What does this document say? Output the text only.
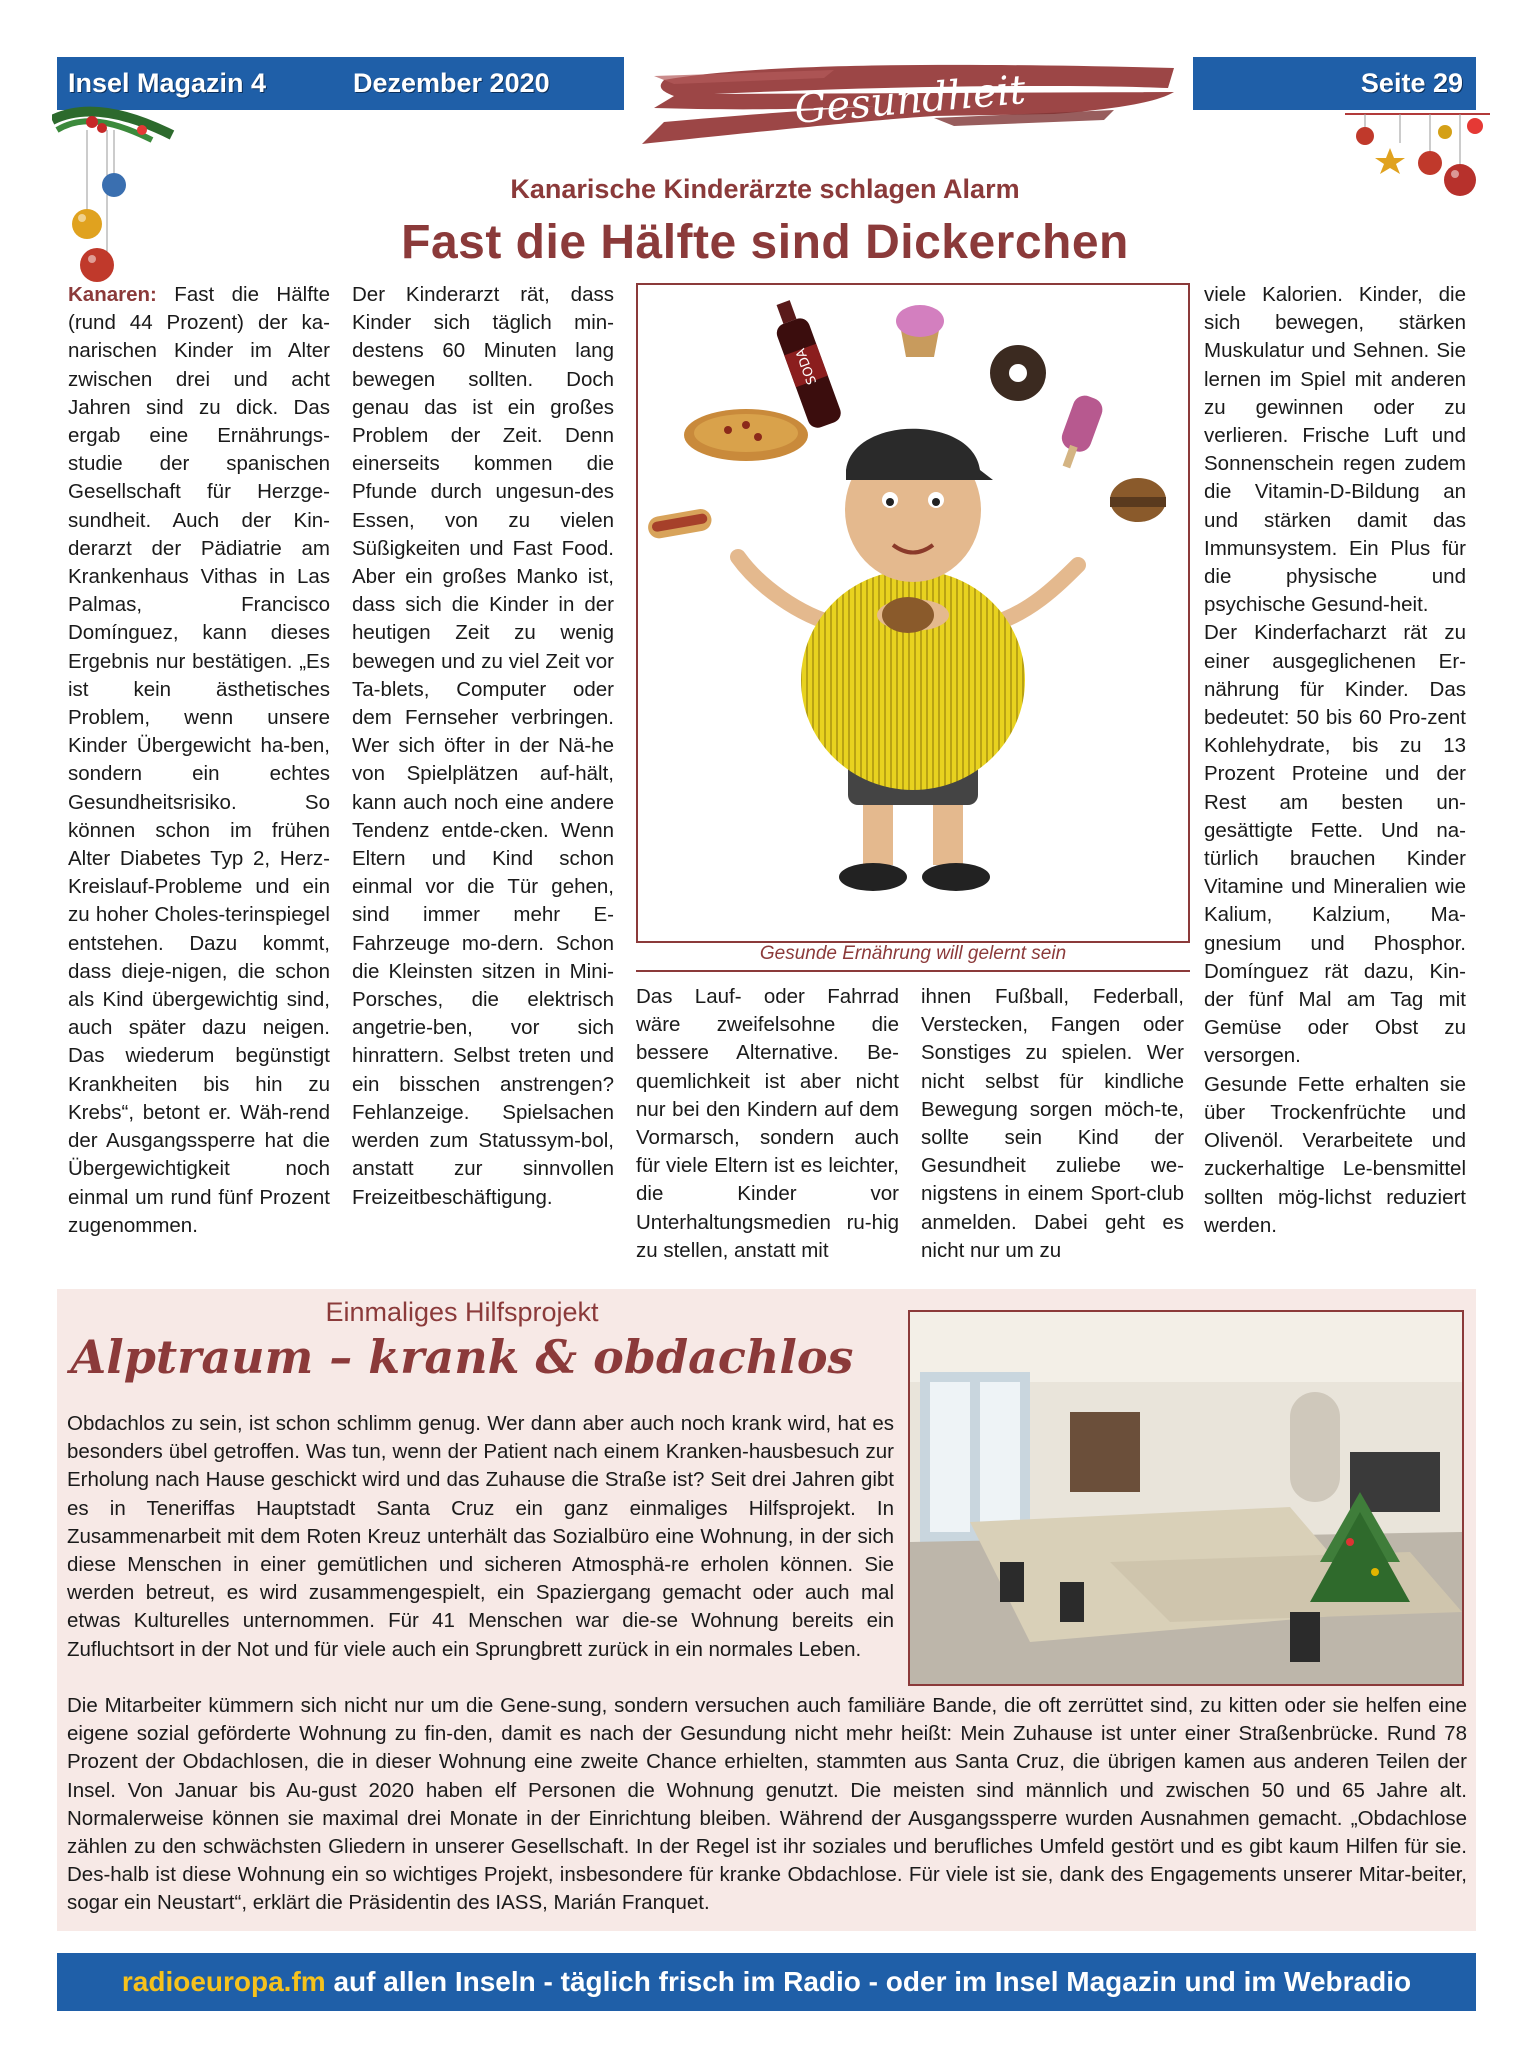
Insel Magazin 4	Dezember 2020	Seite 29
Gesundheit
Kanarische Kinderärzte schlagen Alarm
Fast die Hälfte sind Dickerchen

Kanaren: Fast die Hälfte (rund 44 Prozent) der ka-narischen Kinder im Alter zwischen drei und acht Jahren sind zu dick. Das ergab eine Ernährungs-studie der spanischen Gesellschaft für Herzge-sundheit. Auch der Kin-derarzt der Pädiatrie am Krankenhaus Vithas in Las Palmas, Francisco Domínguez, kann dieses Ergebnis nur bestätigen. „Es ist kein ästhetisches Problem, wenn unsere Kinder Übergewicht ha-ben, sondern ein echtes Gesundheitsrisiko. So können schon im frühen Alter Diabetes Typ 2, Herz-Kreislauf-Probleme und ein zu hoher Choles-terinspiegel entstehen. Dazu kommt, dass dieje-nigen, die schon als Kind übergewichtig sind, auch später dazu neigen. Das wiederum begünstigt Krankheiten bis hin zu Krebs“, betont er. Wäh-rend der Ausgangssperre hat die Übergewichtigkeit noch einmal um rund fünf Prozent zugenommen.

Der Kinderarzt rät, dass Kinder sich täglich min-destens 60 Minuten lang bewegen sollten. Doch genau das ist ein großes Problem der Zeit. Denn einerseits kommen die Pfunde durch ungesun-des Essen, von zu vielen Süßigkeiten und Fast Food. Aber ein großes Manko ist, dass sich die Kinder in der heutigen Zeit zu wenig bewegen und zu viel Zeit vor Ta-blets, Computer oder dem Fernseher verbringen. Wer sich öfter in der Nä-he von Spielplätzen auf-hält, kann auch noch eine andere Tendenz entde-cken. Wenn Eltern und Kind schon einmal vor die Tür gehen, sind immer mehr E-Fahrzeuge mo-dern. Schon die Kleinsten sitzen in Mini-Porsches, die elektrisch angetrie-ben, vor sich hinrattern. Selbst treten und ein bisschen anstrengen? Fehlanzeige. Spielsachen werden zum Statussym-bol, anstatt zur sinnvollen Freizeitbeschäftigung.

SODA
Gesunde Ernährung will gelernt sein

Das Lauf- oder Fahrrad wäre zweifelsohne die bessere Alternative. Be-quemlichkeit ist aber nicht nur bei den Kindern auf dem Vormarsch, sondern auch für viele Eltern ist es leichter, die Kinder vor Unterhaltungsmedien ru-hig zu stellen, anstatt mit

ihnen Fußball, Federball, Verstecken, Fangen oder Sonstiges zu spielen. Wer nicht selbst für kindliche Bewegung sorgen möch-te, sollte sein Kind der Gesundheit zuliebe we-nigstens in einem Sport-club anmelden. Dabei geht es nicht nur um zu

viele Kalorien. Kinder, die sich bewegen, stärken Muskulatur und Sehnen. Sie lernen im Spiel mit anderen zu gewinnen oder zu verlieren. Frische Luft und Sonnenschein regen zudem die Vitamin-D-Bildung an und stärken damit das Immunsystem. Ein Plus für die physische und psychische Gesund-heit.

Der Kinderfacharzt rät zu einer ausgeglichenen Er-nährung für Kinder. Das bedeutet: 50 bis 60 Pro-zent Kohlehydrate, bis zu 13 Prozent Proteine und der Rest am besten un-gesättigte Fette. Und na-türlich brauchen Kinder Vitamine und Mineralien wie Kalium, Kalzium, Ma-gnesium und Phosphor. Domínguez rät dazu, Kin-der fünf Mal am Tag mit Gemüse oder Obst zu versorgen.

Gesunde Fette erhalten sie über Trockenfrüchte und Olivenöl. Verarbeitete und zuckerhaltige Le-bensmittel sollten mög-lichst reduziert werden.

Einmaliges Hilfsprojekt
Alptraum – krank & obdachlos
Obdachlos zu sein, ist schon schlimm genug. Wer dann aber auch noch krank wird, hat es besonders übel getroffen. Was tun, wenn der Patient nach einem Kranken-hausbesuch zur Erholung nach Hause geschickt wird und das Zuhause die Straße ist? Seit drei Jahren gibt es in Teneriffas Hauptstadt Santa Cruz ein ganz einmaliges Hilfsprojekt. In Zusammenarbeit mit dem Roten Kreuz unterhält das Sozialbüro eine Wohnung, in der sich diese Menschen in einer gemütlichen und sicheren Atmosphä-re erholen können. Sie werden betreut, es wird zusammengespielt, ein Spaziergang gemacht oder auch mal etwas Kulturelles unternommen. Für 41 Menschen war die-se Wohnung bereits ein Zufluchtsort in der Not und für viele auch ein Sprungbrett zurück in ein normales Leben.
Die Mitarbeiter kümmern sich nicht nur um die Gene-sung, sondern versuchen auch familiäre Bande, die oft zerrüttet sind, zu kitten oder sie helfen eine eigene sozial geförderte Wohnung zu fin-den, damit es nach der Gesundung nicht mehr heißt: Mein Zuhause ist unter einer Straßenbrücke. Rund 78 Prozent der Obdachlosen, die in dieser Wohnung eine zweite Chance erhielten, stammten aus Santa Cruz, die übrigen kamen aus anderen Teilen der Insel. Von Januar bis Au-gust 2020 haben elf Personen die Wohnung genutzt. Die meisten sind männlich und zwischen 50 und 65 Jahre alt. Normalerweise können sie maximal drei Monate in der Einrichtung bleiben. Während der Ausgangssperre wurden Ausnahmen gemacht. „Obdachlose zählen zu den schwächsten Gliedern in unserer Gesellschaft. In der Regel ist ihr soziales und berufliches Umfeld gestört und es gibt kaum Hilfen für sie. Des-halb ist diese Wohnung ein so wichtiges Projekt, insbesondere für kranke Obdachlose. Für viele ist sie, dank des Engagements unserer Mitar-beiter, sogar ein Neustart“, erklärt die Präsidentin des IASS, Marián Franquet.
radioeuropa.fm auf allen Inseln - täglich frisch im Radio - oder im Insel Magazin und im Webradio
